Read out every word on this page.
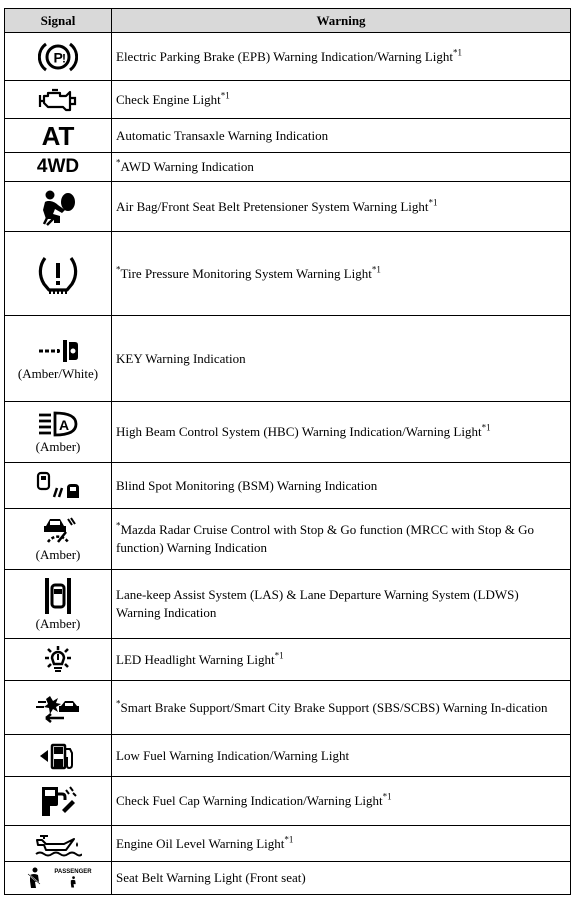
Signal	Warning

P !	Electric Parking Brake (EPB) Warning Indication/Warning Light$^{*1}$

	Check Engine Light$^{*1}$
AT	Automatic Transaxle Warning Indication
4WD	*AWD Warning Indication

	Air Bag/Front Seat Belt Pretensioner System Warning Light$^{*1}$

	*Tire Pressure Monitoring System Warning Light$^{*1}$

(Amber/White)	KEY Warning Indication

A
(Amber)	High Beam Control System (HBC) Warning Indication/Warning Light$^{*1}$

	Blind Spot Monitoring (BSM) Warning Indication

(Amber)	*Mazda Radar Cruise Control with Stop & Go function (MRCC with Stop & Go function) Warning Indication

(Amber)	Lane-keep Assist System (LAS) & Lane Departure Warning System (LDWS) Warning Indication

	LED Headlight Warning Light$^{*1}$

	*Smart Brake Support/Smart City Brake Support (SBS/SCBS) Warning In-dication

	Low Fuel Warning Indication/Warning Light

	Check Fuel Cap Warning Indication/Warning Light$^{*1}$

	Engine Oil Level Warning Light$^{*1}$

PASSENGER	Seat Belt Warning Light (Front seat)
